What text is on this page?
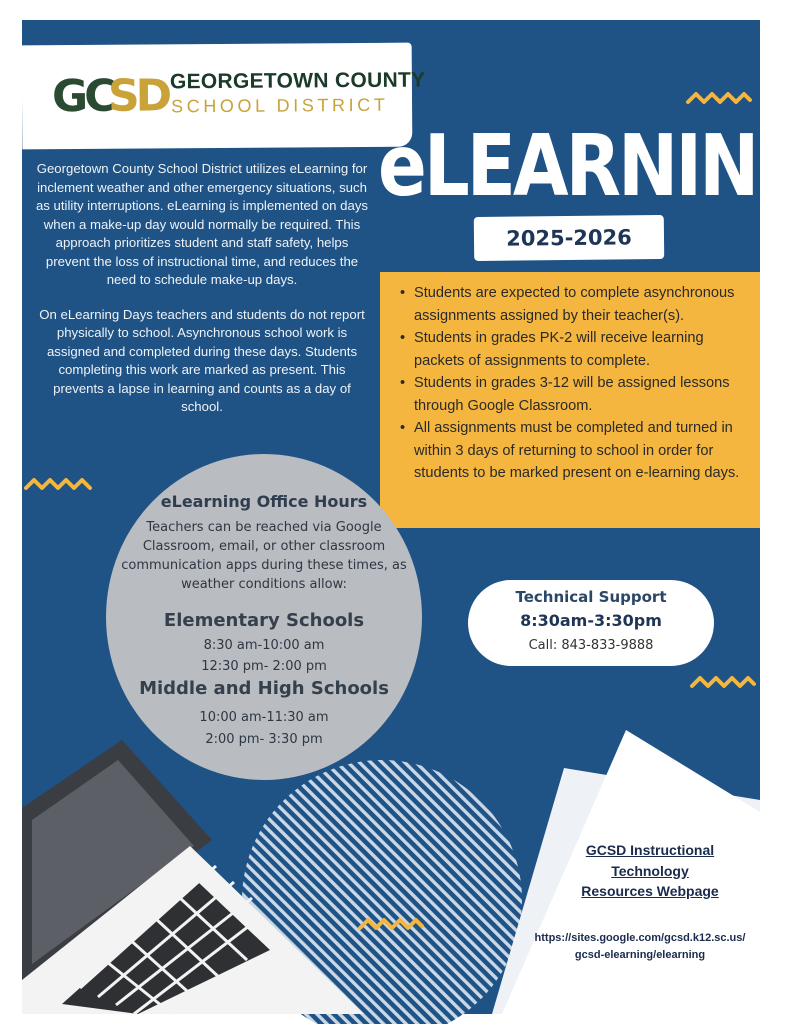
GC
SD GEORGETOWN COUNTY
SCHOOL DISTRICT
eLEARNING
2025-2026

Georgetown County School District utilizes eLearning for inclement weather and other emergency situations, such as utility interruptions. eLearning is implemented on days when a make-up day would normally be required. This approach prioritizes student and staff safety, helps prevent the loss of instructional time, and reduces the need to schedule make-up days.

On eLearning Days teachers and students do not report physically to school. Asynchronous school work is assigned and completed during these days. Students completing this work are marked as present. This prevents a lapse in learning and counts as a day of school.

• Students are expected to complete asynchronous assignments assigned by their teacher(s).
• Students in grades PK-2 will receive learning packets of assignments to complete.
• Students in grades 3-12 will be assigned lessons through Google Classroom.
• All assignments must be completed and turned in within 3 days of returning to school in order for students to be marked present on e-learning days.
eLearning Office Hours
Teachers can be reached via Google Classroom, email, or other classroom communication apps during these times, as weather conditions allow:
Elementary Schools
8:30 am-10:00 am
12:30 pm- 2:00 pm
Middle and High Schools
10:00 am-11:30 am
2:00 pm- 3:30 pm
Technical Support
8:30am-3:30pm
Call: 843-833-9888
GCSD Instructional
Technology
Resources Webpage
https://sites.google.com/gcsd.k12.sc.us/
gcsd-elearning/elearning
